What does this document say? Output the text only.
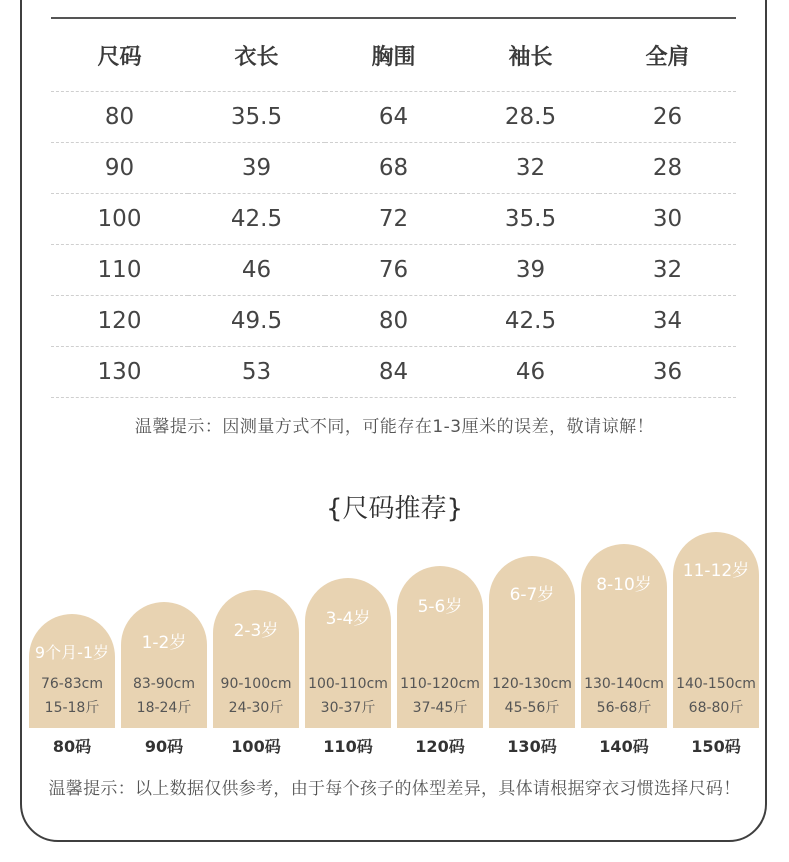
尺码	衣长	胸围	袖长	全肩
80	35.5	64	28.5	26
90	39	68	32	28
100	42.5	72	35.5	30
110	46	76	39	32
120	49.5	80	42.5	34
130	53	84	46	36
温馨提示：因测量方式不同，可能存在1-3厘米的误差，敬请谅解！
{尺码推荐}
9个月-1岁
76-83cm
15-18斤
1-2岁
83-90cm
18-24斤
2-3岁
90-100cm
24-30斤
3-4岁
100-110cm
30-37斤
5-6岁
110-120cm
37-45斤
6-7岁
120-130cm
45-56斤
8-10岁
130-140cm
56-68斤
11-12岁
140-150cm
68-80斤
80码	90码	100码	110码	120码	130码	140码	150码
温馨提示：以上数据仅供参考，由于每个孩子的体型差异，具体请根据穿衣习惯选择尺码！
